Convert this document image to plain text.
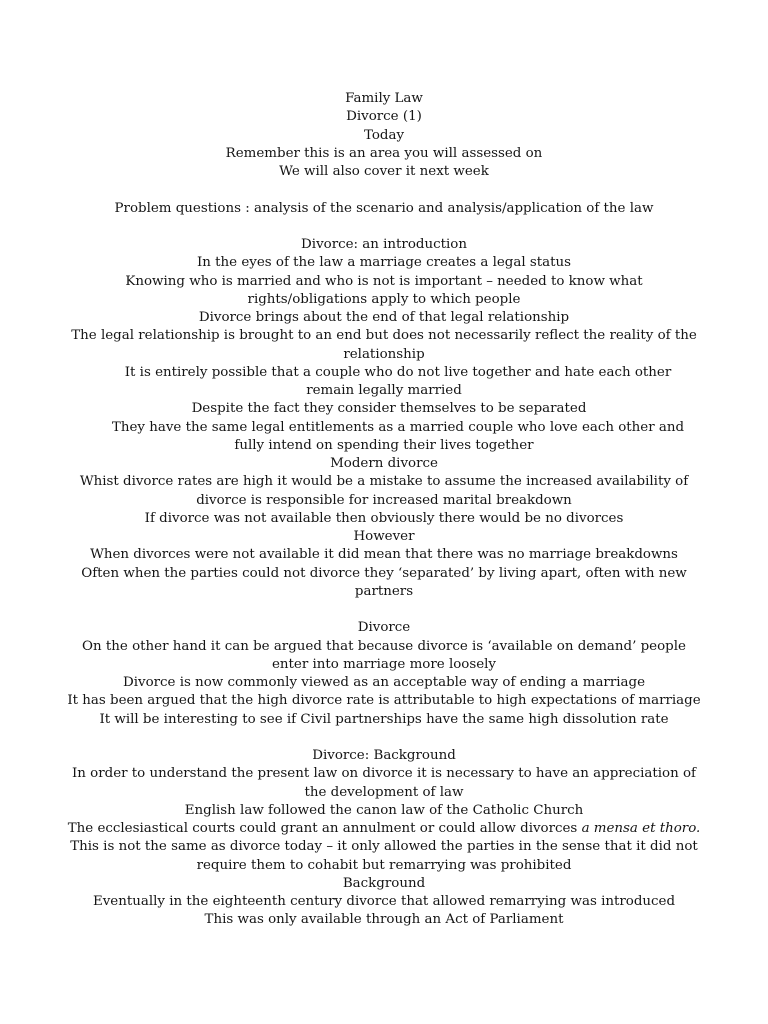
Family Law
Divorce (1)
Today
Remember this is an area you will assessed on
We will also cover it next week
Problem questions : analysis of the scenario and analysis/application of the law
Divorce: an introduction
In the eyes of the law a marriage creates a legal status
Knowing who is married and who is not is important – needed to know what
rights/obligations apply to which people
Divorce brings about the end of that legal relationship
The legal relationship is brought to an end but does not necessarily reflect the reality of the
relationship
It is entirely possible that a couple who do not live together and hate each other
remain legally married
Despite the fact they consider themselves to be separated
They have the same legal entitlements as a married couple who love each other and
fully intend on spending their lives together
Modern divorce
Whist divorce rates are high it would be a mistake to assume the increased availability of
divorce is responsible for increased marital breakdown
If divorce was not available then obviously there would be no divorces
However
When divorces were not available it did mean that there was no marriage breakdowns
Often when the parties could not divorce they ‘separated’ by living apart, often with new
partners
Divorce
On the other hand it can be argued that because divorce is ‘available on demand’ people
enter into marriage more loosely
Divorce is now commonly viewed as an acceptable way of ending a marriage
It has been argued that the high divorce rate is attributable to high expectations of marriage
It will be interesting to see if Civil partnerships have the same high dissolution rate
Divorce: Background
In order to understand the present law on divorce it is necessary to have an appreciation of
the development of law
English law followed the canon law of the Catholic Church
The ecclesiastical courts could grant an annulment or could allow divorces a mensa et thoro.
This is not the same as divorce today – it only allowed the parties in the sense that it did not
require them to cohabit but remarrying was prohibited
Background
Eventually in the eighteenth century divorce that allowed remarrying was introduced
This was only available through an Act of Parliament
